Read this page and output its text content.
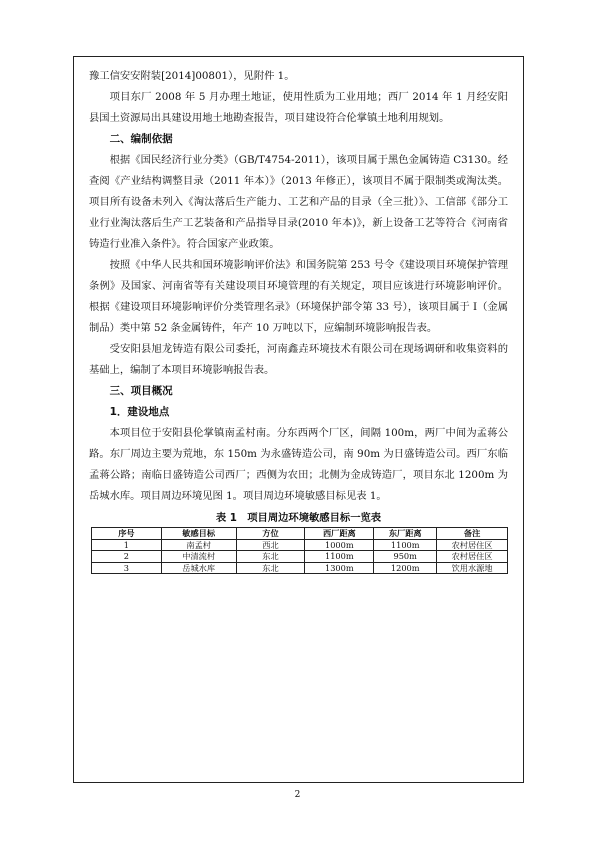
豫工信安安附装[2014]00801），见附件 1。

项目东厂 2008 年 5 月办理土地证，使用性质为工业用地；西厂 2014 年 1 月经安阳县国土资源局出具建设用地土地勘查报告，项目建设符合伦掌镇土地利用规划。

二、编制依据

根据《国民经济行业分类》（GB/T4754-2011），该项目属于黑色金属铸造 C3130。经查阅《产业结构调整目录（2011 年本）》（2013 年修正），该项目不属于限制类或淘汰类。项目所有设备未列入《淘汰落后生产能力、工艺和产品的目录（全三批）》、工信部《部分工业行业淘汰落后生产工艺装备和产品指导目录(2010 年本)》，新上设备工艺等符合《河南省铸造行业准入条件》。符合国家产业政策。

按照《中华人民共和国环境影响评价法》和国务院第 253 号令《建设项目环境保护管理条例》及国家、河南省等有关建设项目环境管理的有关规定，项目应该进行环境影响评价。根据《建设项目环境影响评价分类管理名录》（环境保护部令第 33 号），该项目属于 I（金属制品）类中第 52 条金属铸件，年产 10 万吨以下，应编制环境影响报告表。

受安阳县旭龙铸造有限公司委托，河南鑫垚环境技术有限公司在现场调研和收集资料的基础上，编制了本项目环境影响报告表。

三、项目概况

1．建设地点

本项目位于安阳县伦掌镇南孟村南。分东西两个厂区，间隔 100m，两厂中间为孟蒋公路。东厂周边主要为荒地，东 150m 为永盛铸造公司，南 90m 为日盛铸造公司。西厂东临孟蒋公路；南临日盛铸造公司西厂；西侧为农田；北侧为金成铸造厂，项目东北 1200m 为岳城水库。项目周边环境见图 1。项目周边环境敏感目标见表 1。

表 1　项目周边环境敏感目标一览表

序号	敏感目标	方位	西厂距离	东厂距离	备注
1	南孟村	西北	1000m	1100m	农村居住区
2	中清流村	东北	1100m	950m	农村居住区
3	岳城水库	东北	1300m	1200m	饮用水源地
2
